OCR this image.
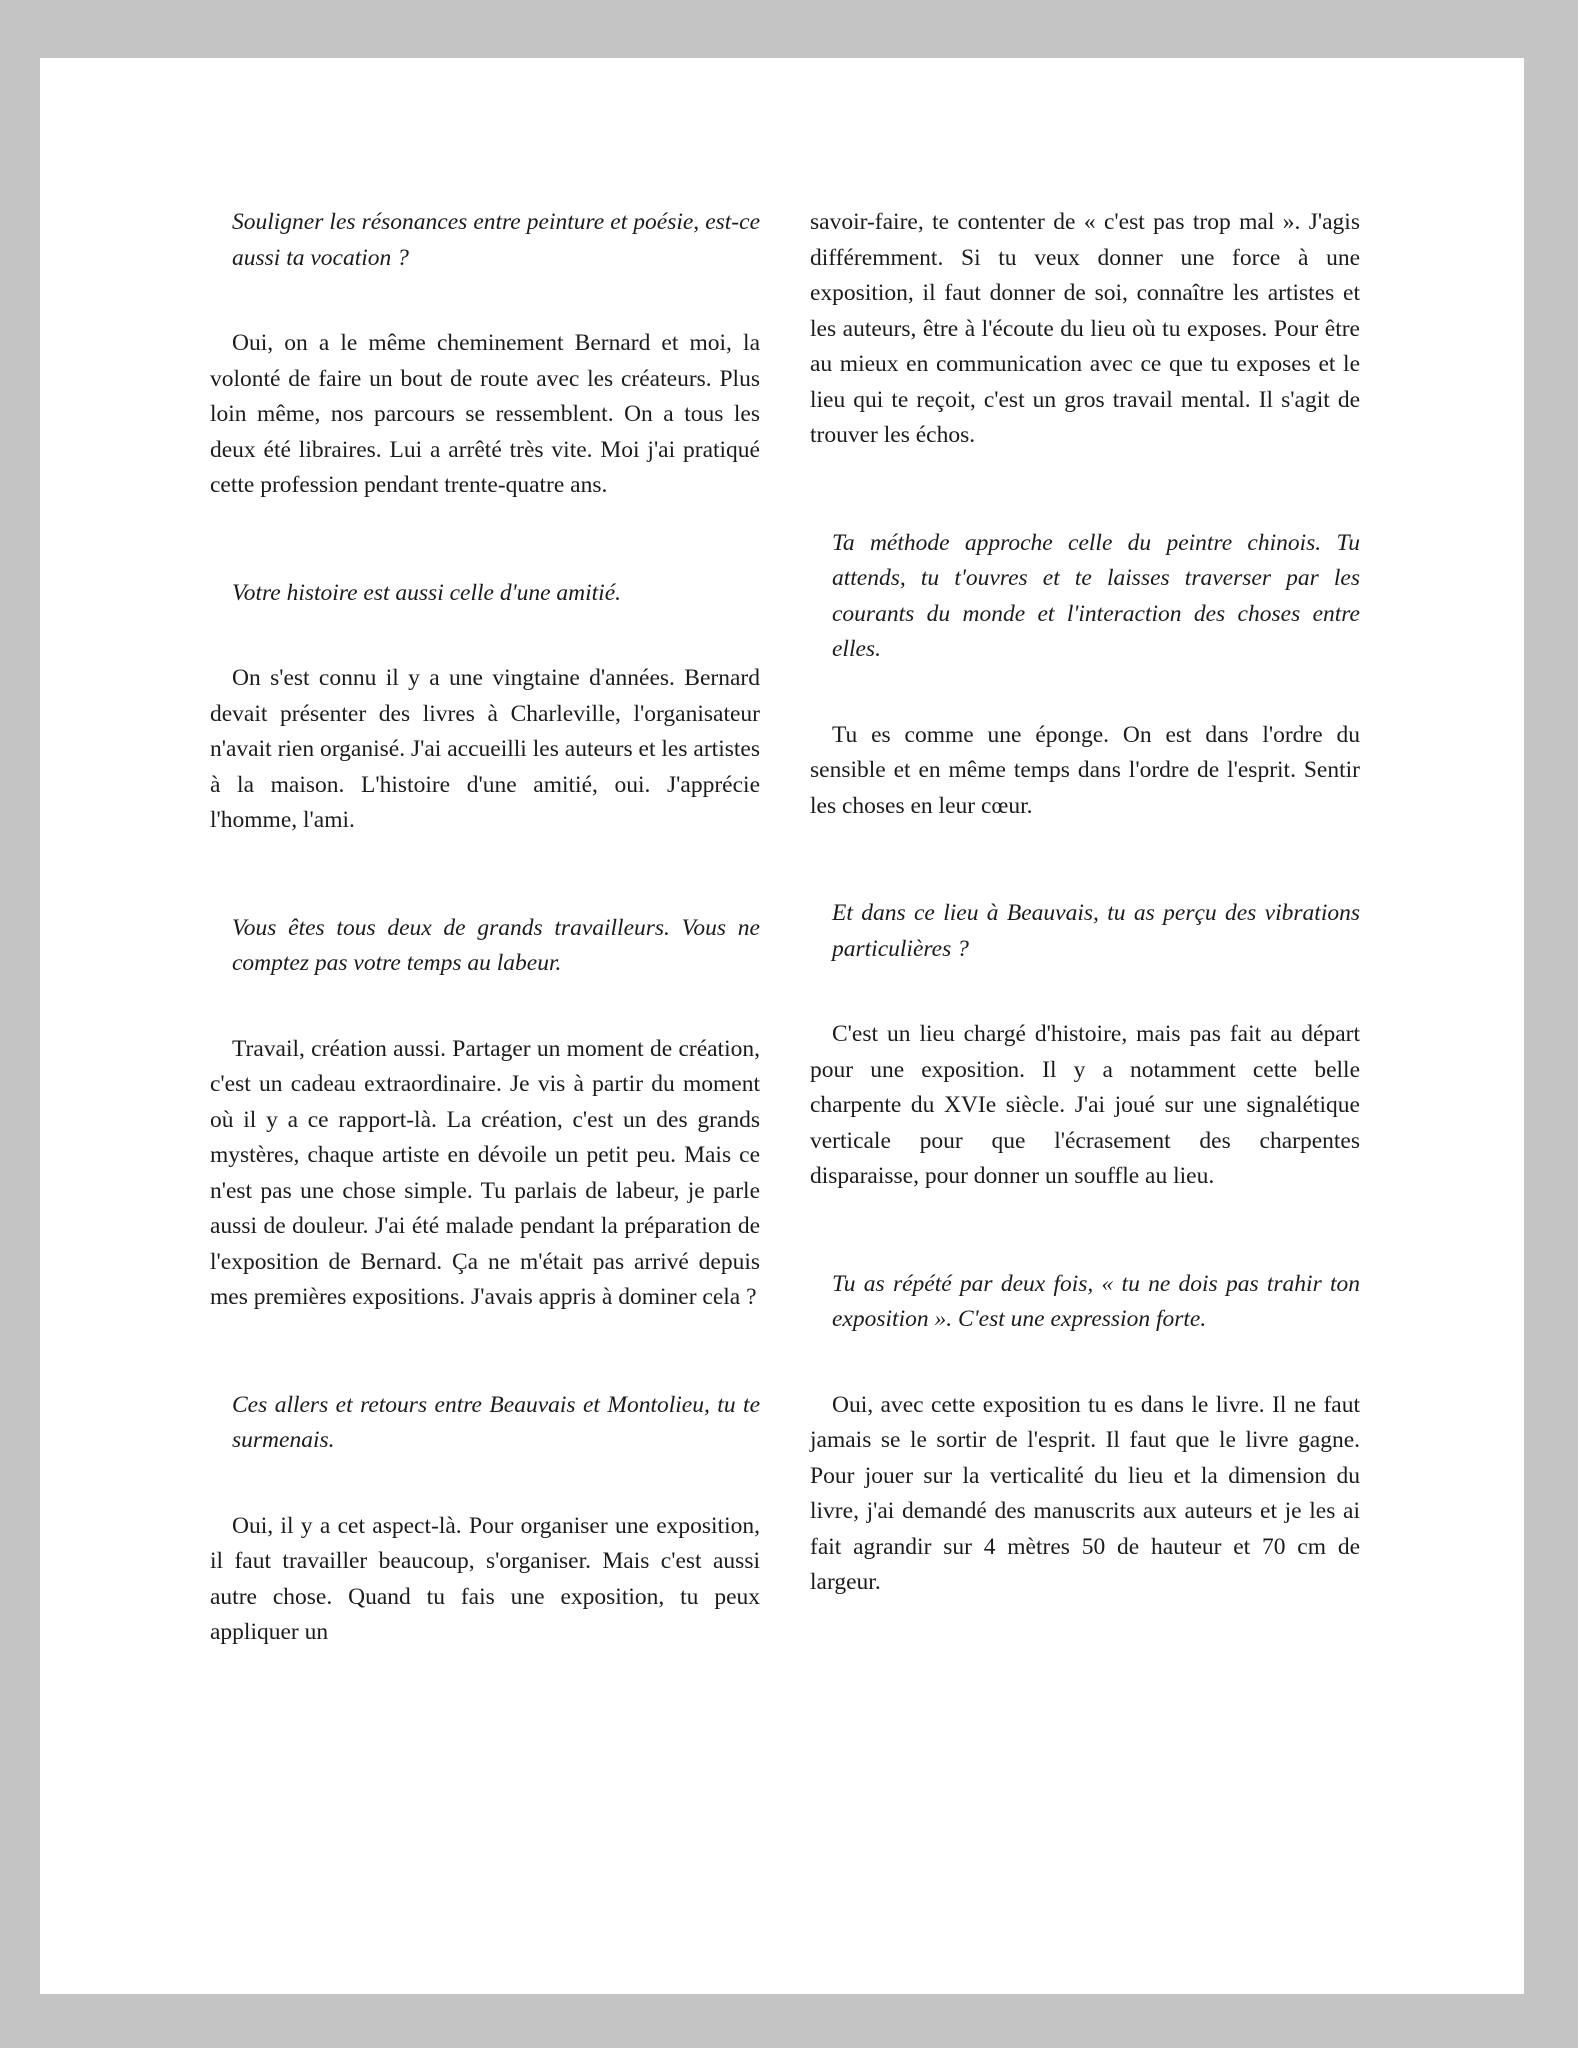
Souligner les résonances entre peinture et poésie, est-ce aussi ta vocation ?

Oui, on a le même cheminement Bernard et moi, la volonté de faire un bout de route avec les créateurs. Plus loin même, nos parcours se ressemblent. On a tous les deux été libraires. Lui a arrêté très vite. Moi j'ai pratiqué cette profession pendant trente-quatre ans.

Votre histoire est aussi celle d'une amitié.

On s'est connu il y a une vingtaine d'années. Bernard devait présenter des livres à Charleville, l'organisateur n'avait rien organisé. J'ai accueilli les auteurs et les artistes à la maison. L'histoire d'une amitié, oui. J'apprécie l'homme, l'ami.

Vous êtes tous deux de grands travailleurs. Vous ne comptez pas votre temps au labeur.

Travail, création aussi. Partager un moment de création, c'est un cadeau extraordinaire. Je vis à partir du moment où il y a ce rapport-là. La création, c'est un des grands mystères, chaque artiste en dévoile un petit peu. Mais ce n'est pas une chose simple. Tu parlais de labeur, je parle aussi de douleur. J'ai été malade pendant la préparation de l'exposition de Bernard. Ça ne m'était pas arrivé depuis mes premières expositions. J'avais appris à dominer cela ?

Ces allers et retours entre Beauvais et Montolieu, tu te surmenais.

Oui, il y a cet aspect-là. Pour organiser une exposition, il faut travailler beaucoup, s'organiser. Mais c'est aussi autre chose. Quand tu fais une exposition, tu peux appliquer un

savoir-faire, te contenter de « c'est pas trop mal ». J'agis différemment. Si tu veux donner une force à une exposition, il faut donner de soi, connaître les artistes et les auteurs, être à l'écoute du lieu où tu exposes. Pour être au mieux en communication avec ce que tu exposes et le lieu qui te reçoit, c'est un gros travail mental. Il s'agit de trouver les échos.

Ta méthode approche celle du peintre chinois. Tu attends, tu t'ouvres et te laisses traverser par les courants du monde et l'interaction des choses entre elles.

Tu es comme une éponge. On est dans l'ordre du sensible et en même temps dans l'ordre de l'esprit. Sentir les choses en leur cœur.

Et dans ce lieu à Beauvais, tu as perçu des vibrations particulières ?

C'est un lieu chargé d'histoire, mais pas fait au départ pour une exposition. Il y a notamment cette belle charpente du XVIe siècle. J'ai joué sur une signalétique verticale pour que l'écrasement des charpentes disparaisse, pour donner un souffle au lieu.

Tu as répété par deux fois, « tu ne dois pas trahir ton exposition ». C'est une expression forte.

Oui, avec cette exposition tu es dans le livre. Il ne faut jamais se le sortir de l'esprit. Il faut que le livre gagne. Pour jouer sur la verticalité du lieu et la dimension du livre, j'ai demandé des manuscrits aux auteurs et je les ai fait agrandir sur 4 mètres 50 de hauteur et 70 cm de largeur.
